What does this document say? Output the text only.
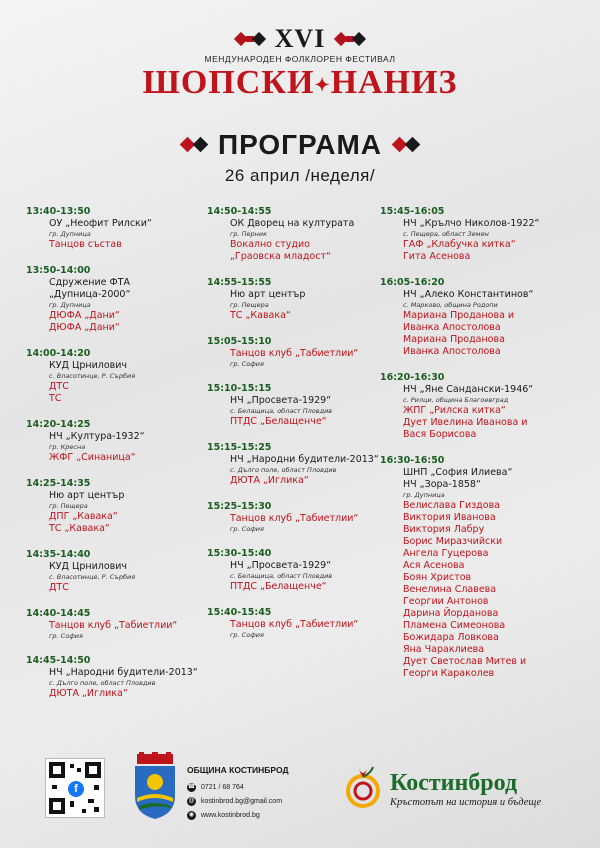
XVI
МЕНДУНАРОДЕН ФОЛКЛОРЕН ФЕСТИВАЛ
ШОПСКИ✦НАНИЗ
ПРОГРАМА
26 април /неделя/
13:40-13:50
ОУ „Неофит Рилски“
гр. Дупница
Танцов състав
13:50-14:00
Сдружение ФТА „Дупница-2000“
гр. Дупница
ДЮФА „Дани“
ДЮФА „Дани“
14:00-14:20
КУД Црнилович
с. Власотинце, Р. Сърбия
ДТС
ТС
14:20-14:25
НЧ „Култура-1932“
гр. Кресна
ЖФГ „Синаница“
14:25-14:35
Ню арт център
гр. Пещера
ДПГ „Кавака“
ТС „Кавака“
14:35-14:40
КУД Црнилович
с. Власотинце, Р. Сърбия
ДТС
14:40-14:45
Танцов клуб „Табиетлии“
гр. София
14:45-14:50
НЧ „Народни будители-2013“
с. Дълго поле, област Пловдив
ДЮТА „Иглика“
14:50-14:55
ОК Дворец на културата
гр. Перник
Вокално студио
„Граовска младост“
14:55-15:55
Ню арт център
гр. Пещера
ТС „Кавака“
15:05-15:10
Танцов клуб „Табиетлии“
гр. София
15:10-15:15
НЧ „Просвета-1929“
с. Белащица, област Пловдив
ПТДС „Белащенче“
15:15-15:25
НЧ „Народни будители-2013“
с. Дълго поле, област Пловдив
ДЮТА „Иглика“
15:25-15:30
Танцов клуб „Табиетлии“
гр. София
15:30-15:40
НЧ „Просвета-1929“
с. Белащица, област Пловдив
ПТДС „Белащенче“
15:40-15:45
Танцов клуб „Табиетлии“
гр. София
15:45-16:05
НЧ „Крълчо Николов-1922“
с. Пещера, област Земен
ГАФ „Клабучка китка“
Гита Асенова
16:05-16:20
НЧ „Алеко Константинов“
с. Марково, община Родопи
Мариана Проданова и
Иванка Апостолова
Мариана Проданова
Иванка Апостолова
16:20-16:30
НЧ „Яне Сандански-1946“
с. Рилци, община Благоевград
ЖПГ „Рилска китка“
Дует Ивелина Иванова и
Вася Борисова
16:30-16:50
ШНП „София Илиева“
НЧ „Зора-1858“
гр. Дупница
Велислава Гиздова
Виктория Иванова
Виктория Лабру
Борис Миразчийски
Ангела Гуцерова
Ася Асенова
Боян Христов
Венелина Славева
Георгии Антонов
Дарина Йорданова
Пламена Симеонова
Божидара Ловкова
Яна Чараклиева
Дует Светослав Митев и
Георги Караколев
f
ОБЩИНА КОСТИНБРОД
☎ 0721 / 68 764
@ kostinbrod.bg@gmail.com
◉ www.kostinbrod.bg
Костинброд
Кръстопът на история и бъдеще
